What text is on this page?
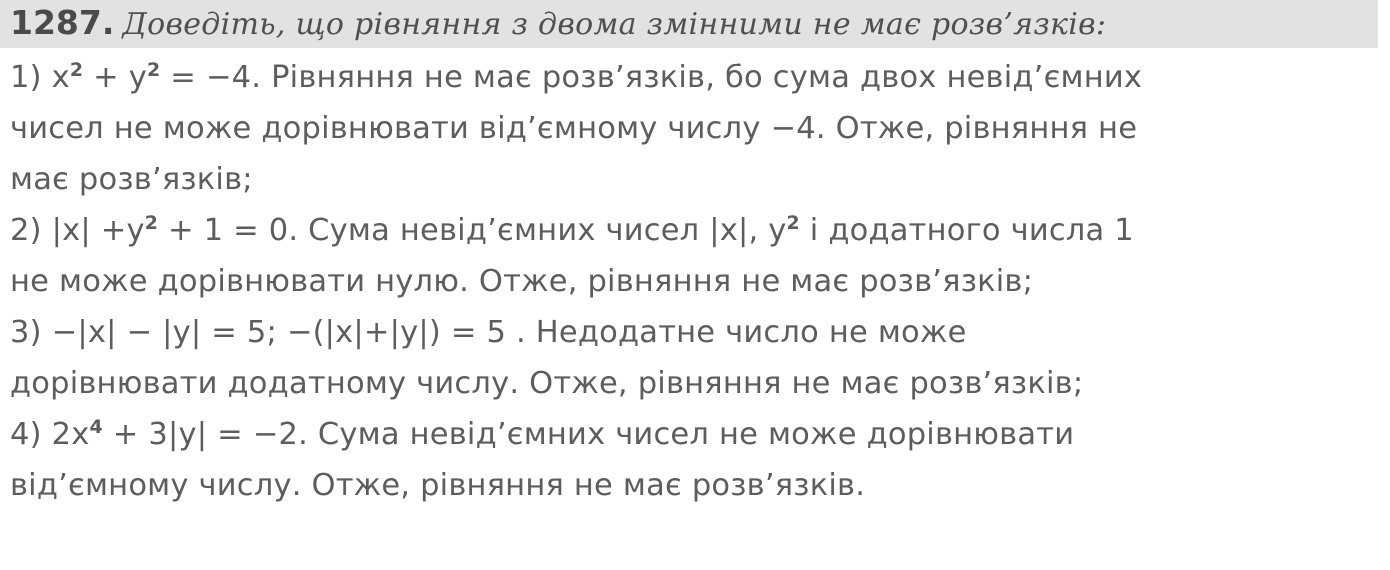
1287. Доведіть, що рівняння з двома змінними не має розв’язків:
1) $x^2 + y^2 = -4$. Рівняння не має розв’язків, бо сума двох невід’ємних
чисел не може дорівнювати від’ємному числу −4. Отже, рівняння не
має розв’язків;
2) $|x| +y^2 + 1 = 0$. Сума невід’ємних чисел |x|, $y^2$ і додатного числа 1
не може дорівнювати нулю. Отже, рівняння не має розв’язків;
3) −|x| − |y| = 5; −(|x|+|y|) = 5 . Недодатне число не може
дорівнювати додатному числу. Отже, рівняння не має розв’язків;
4) $2x^4 + 3|y| = -2$. Сума невід’ємних чисел не може дорівнювати
від’ємному числу. Отже, рівняння не має розв’язків.
